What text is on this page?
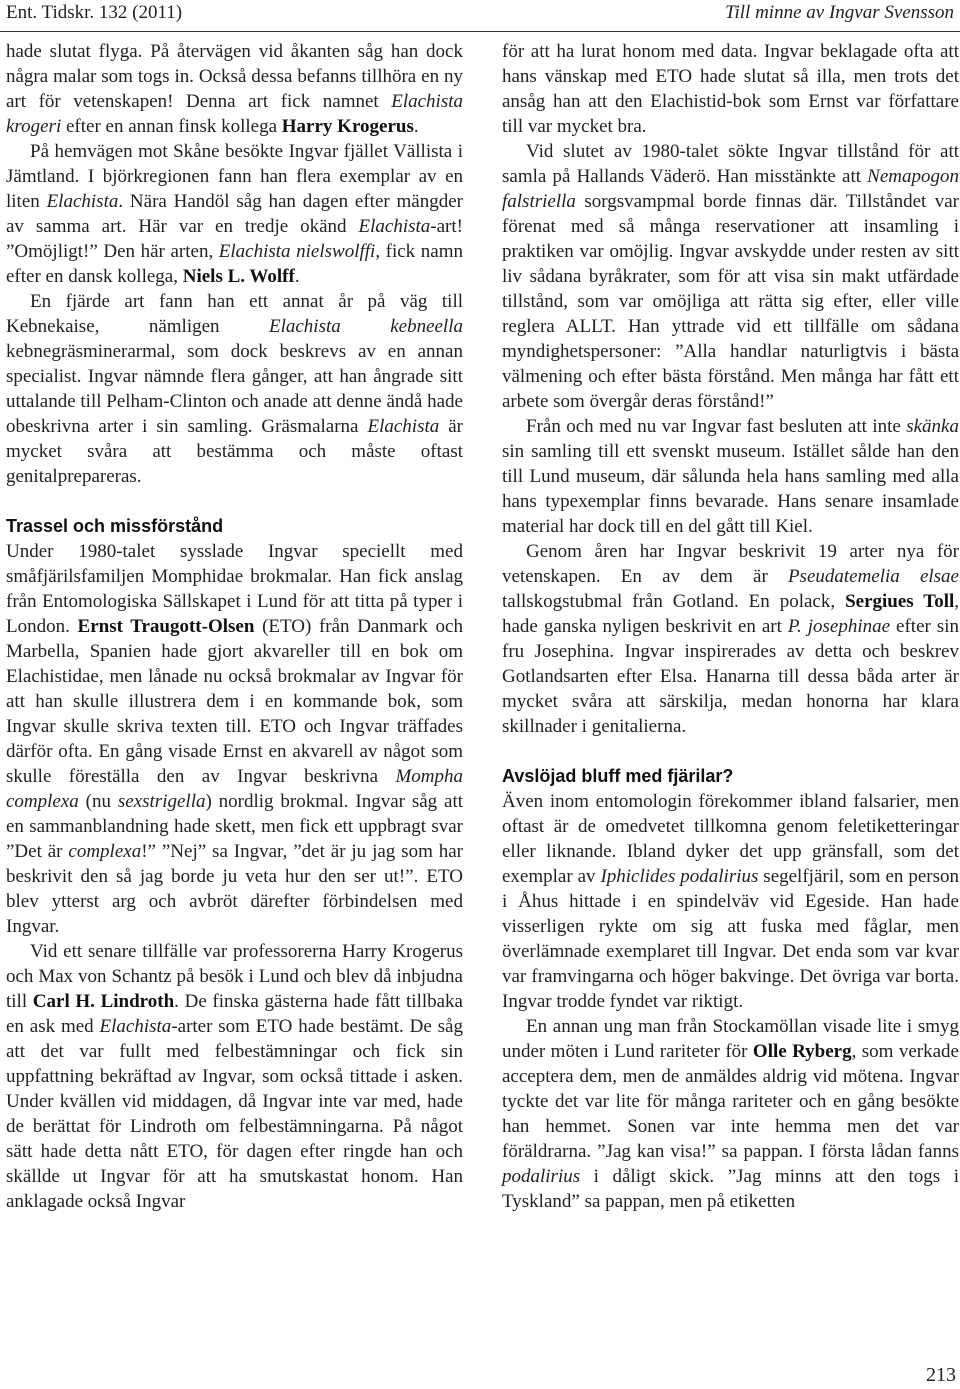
Ent. Tidskr. 132 (2011)	Till minne av Ingvar Svensson

hade slutat flyga. På återvägen vid åkanten såg han dock några malar som togs in. Också dessa befanns tillhöra en ny art för vetenskapen! Denna art fick namnet Elachista krogeri efter en annan finsk kollega Harry Krogerus.

På hemvägen mot Skåne besökte Ingvar fjället Vällista i Jämtland. I björkregionen fann han flera exemplar av en liten Elachista. Nära Handöl såg han dagen efter mängder av samma art. Här var en tredje okänd Elachista-art! ”Omöjligt!” Den här arten, Elachista nielswolffi, fick namn efter en dansk kollega, Niels L. Wolff.

En fjärde art fann han ett annat år på väg till Kebnekaise, nämligen Elachista kebneella kebnegräsminerarmal, som dock beskrevs av en annan specialist. Ingvar nämnde flera gånger, att han ångrade sitt uttalande till Pelham-Clinton och anade att denne ändå hade obeskrivna arter i sin samling. Gräsmalarna Elachista är mycket svåra att bestämma och måste oftast genitalprepareras.

Trassel och missförstånd

Under 1980-talet sysslade Ingvar speciellt med småfjärilsfamiljen Momphidae brokmalar. Han fick anslag från Entomologiska Sällskapet i Lund för att titta på typer i London. Ernst Traugott-Olsen (ETO) från Danmark och Marbella, Spanien hade gjort akvareller till en bok om Elachistidae, men lånade nu också brokmalar av Ingvar för att han skulle illustrera dem i en kommande bok, som Ingvar skulle skriva texten till. ETO och Ingvar träffades därför ofta. En gång visade Ernst en akvarell av något som skulle föreställa den av Ingvar beskrivna Mompha complexa (nu sexstrigella) nordlig brokmal. Ingvar såg att en sammanblandning hade skett, men fick ett uppbragt svar ”Det är complexa!” ”Nej” sa Ingvar, ”det är ju jag som har beskrivit den så jag borde ju veta hur den ser ut!”. ETO blev ytterst arg och avbröt därefter förbindelsen med Ingvar.

Vid ett senare tillfälle var professorerna Harry Krogerus och Max von Schantz på besök i Lund och blev då inbjudna till Carl H. Lindroth. De finska gästerna hade fått tillbaka en ask med Elachista-arter som ETO hade bestämt. De såg att det var fullt med felbestämningar och fick sin uppfattning bekräftad av Ingvar, som också tittade i asken. Under kvällen vid middagen, då Ingvar inte var med, hade de berättat för Lindroth om felbestämningarna. På något sätt hade detta nått ETO, för dagen efter ringde han och skällde ut Ingvar för att ha smutskastat honom. Han anklagade också Ingvar

för att ha lurat honom med data. Ingvar beklagade ofta att hans vänskap med ETO hade slutat så illa, men trots det ansåg han att den Elachistid-bok som Ernst var författare till var mycket bra.

Vid slutet av 1980-talet sökte Ingvar tillstånd för att samla på Hallands Väderö. Han misstänkte att Nemapogon falstriella sorgsvampmal borde finnas där. Tillståndet var förenat med så många reservationer att insamling i praktiken var omöjlig. Ingvar avskydde under resten av sitt liv sådana byråkrater, som för att visa sin makt utfärdade tillstånd, som var omöjliga att rätta sig efter, eller ville reglera ALLT. Han yttrade vid ett tillfälle om sådana myndighetspersoner: ”Alla handlar naturligtvis i bästa välmening och efter bästa förstånd. Men många har fått ett arbete som övergår deras förstånd!”

Från och med nu var Ingvar fast besluten att inte skänka sin samling till ett svenskt museum. Istället sålde han den till Lund museum, där sålunda hela hans samling med alla hans typexemplar finns bevarade. Hans senare insamlade material har dock till en del gått till Kiel.

Genom åren har Ingvar beskrivit 19 arter nya för vetenskapen. En av dem är Pseudatemelia elsae tallskogstubmal från Gotland. En polack, Sergiues Toll, hade ganska nyligen beskrivit en art P. josephinae efter sin fru Josephina. Ingvar inspirerades av detta och beskrev Gotlandsarten efter Elsa. Hanarna till dessa båda arter är mycket svåra att särskilja, medan honorna har klara skillnader i genitalierna.

Avslöjad bluff med fjärilar?

Även inom entomologin förekommer ibland falsarier, men oftast är de omedvetet tillkomna genom feletiketteringar eller liknande. Ibland dyker det upp gränsfall, som det exemplar av Iphiclides podalirius segelfjäril, som en person i Åhus hittade i en spindelväv vid Egeside. Han hade visserligen rykte om sig att fuska med fåglar, men överlämnade exemplaret till Ingvar. Det enda som var kvar var framvingarna och höger bakvinge. Det övriga var borta. Ingvar trodde fyndet var riktigt.

En annan ung man från Stockamöllan visade lite i smyg under möten i Lund rariteter för Olle Ryberg, som verkade acceptera dem, men de anmäldes aldrig vid mötena. Ingvar tyckte det var lite för många rariteter och en gång besökte han hemmet. Sonen var inte hemma men det var föräldrarna. ”Jag kan visa!” sa pappan. I första lådan fanns podalirius i dåligt skick. ”Jag minns att den togs i Tyskland” sa pappan, men på etiketten

213
